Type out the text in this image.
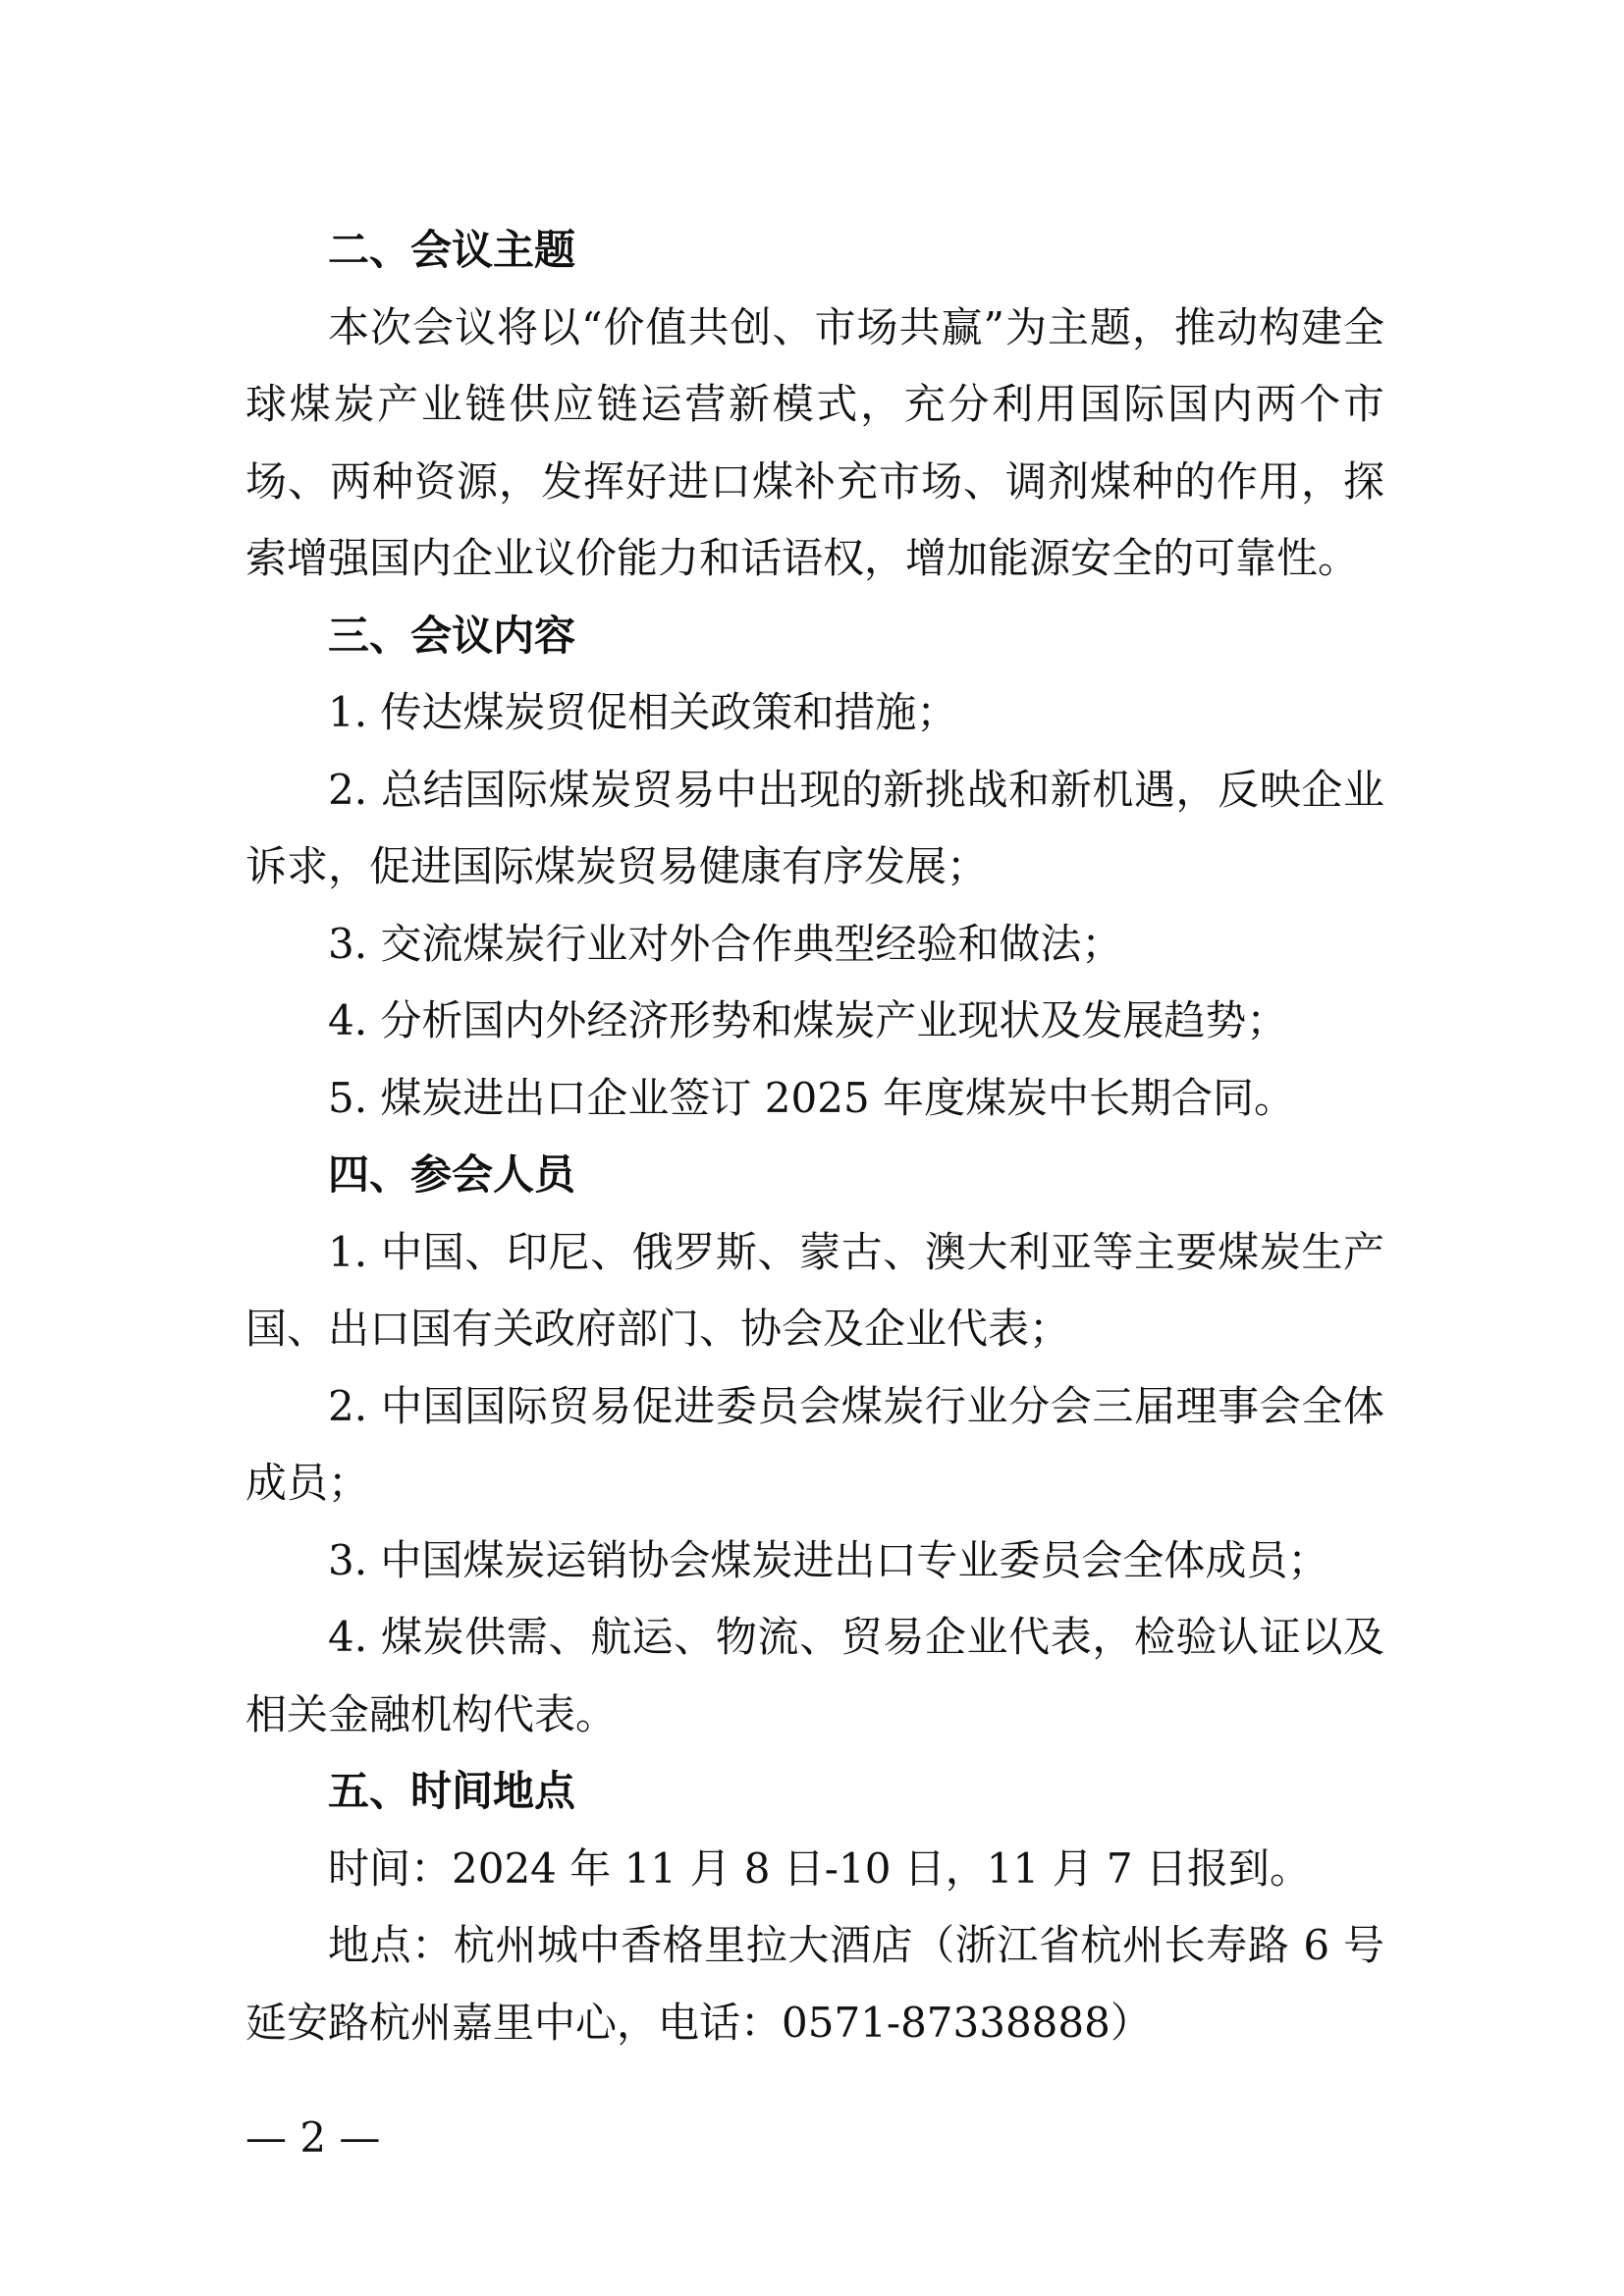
二、会议主题
本次会议将以“价值共创、市场共赢”为主题，推动构建全
球煤炭产业链供应链运营新模式，充分利用国际国内两个市
场、两种资源，发挥好进口煤补充市场、调剂煤种的作用，探
索增强国内企业议价能力和话语权，增加能源安全的可靠性。
三、会议内容
1. 传达煤炭贸促相关政策和措施；
2. 总结国际煤炭贸易中出现的新挑战和新机遇，反映企业
诉求，促进国际煤炭贸易健康有序发展；
3. 交流煤炭行业对外合作典型经验和做法；
4. 分析国内外经济形势和煤炭产业现状及发展趋势；
5. 煤炭进出口企业签订 2025 年度煤炭中长期合同。
四、参会人员
1. 中国、印尼、俄罗斯、蒙古、澳大利亚等主要煤炭生产
国、出口国有关政府部门、协会及企业代表；
2. 中国国际贸易促进委员会煤炭行业分会三届理事会全体
成员；
3. 中国煤炭运销协会煤炭进出口专业委员会全体成员；
4. 煤炭供需、航运、物流、贸易企业代表，检验认证以及
相关金融机构代表。
五、时间地点
时间：2024 年 11 月 8 日-10 日，11 月 7 日报到。
地点：杭州城中香格里拉大酒店（浙江省杭州长寿路 6 号
延安路杭州嘉里中心，电话：0571-87338888）
— 2 —
